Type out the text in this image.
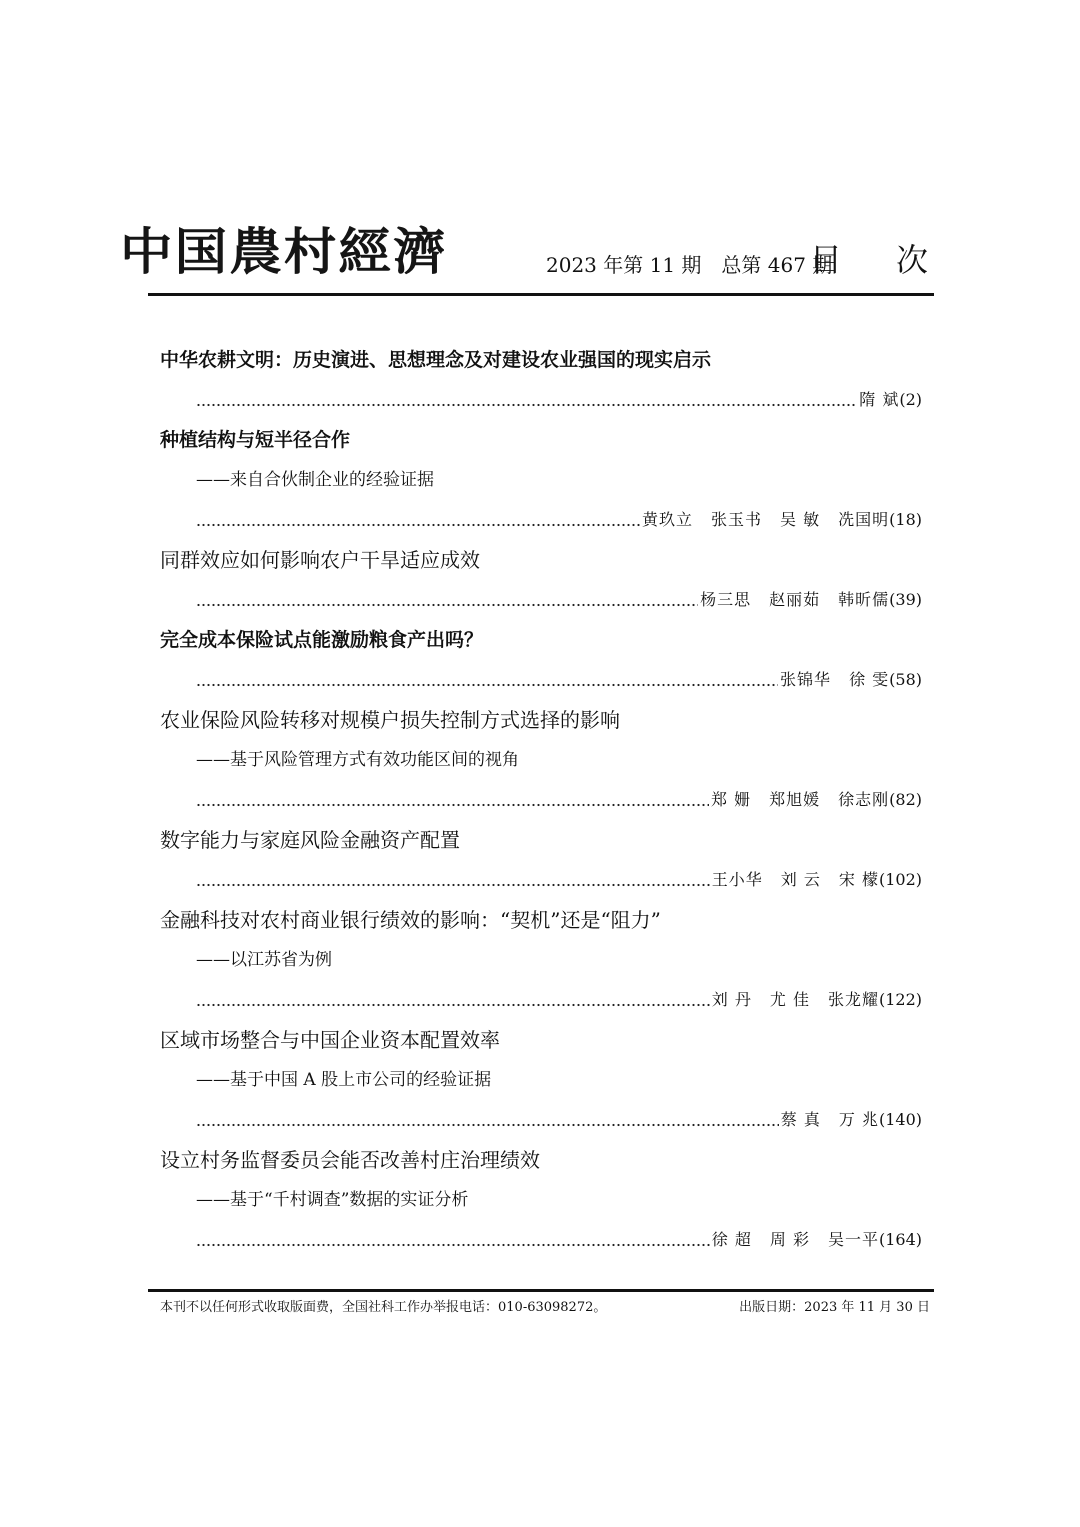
中国農村經濟	2023 年第 11 期 总第 467 期
目 次
中华农耕文明：历史演进、思想理念及对建设农业强国的现实启示
隋 斌 (2)
种植结构与短半径合作
——来自合伙制企业的经验证据
黄玖立 张玉书 吴 敏 冼国明 (18)
同群效应如何影响农户干旱适应成效
杨三思 赵丽茹 韩昕儒 (39)
完全成本保险试点能激励粮食产出吗？
张锦华 徐 雯 (58)
农业保险风险转移对规模户损失控制方式选择的影响
——基于风险管理方式有效功能区间的视角
郑 姗 郑旭媛 徐志刚 (82)
数字能力与家庭风险金融资产配置
王小华 刘 云 宋 檬 (102)
金融科技对农村商业银行绩效的影响：“契机”还是“阻力”
——以江苏省为例
刘 丹 尤 佳 张龙耀 (122)
区域市场整合与中国企业资本配置效率
——基于中国 A 股上市公司的经验证据
蔡 真 万 兆 (140)
设立村务监督委员会能否改善村庄治理绩效
——基于“千村调查”数据的实证分析
徐 超 周 彩 吴一平 (164)
本刊不以任何形式收取版面费，全国社科工作办举报电话：010-63098272。	出版日期：2023 年 11 月 30 日
